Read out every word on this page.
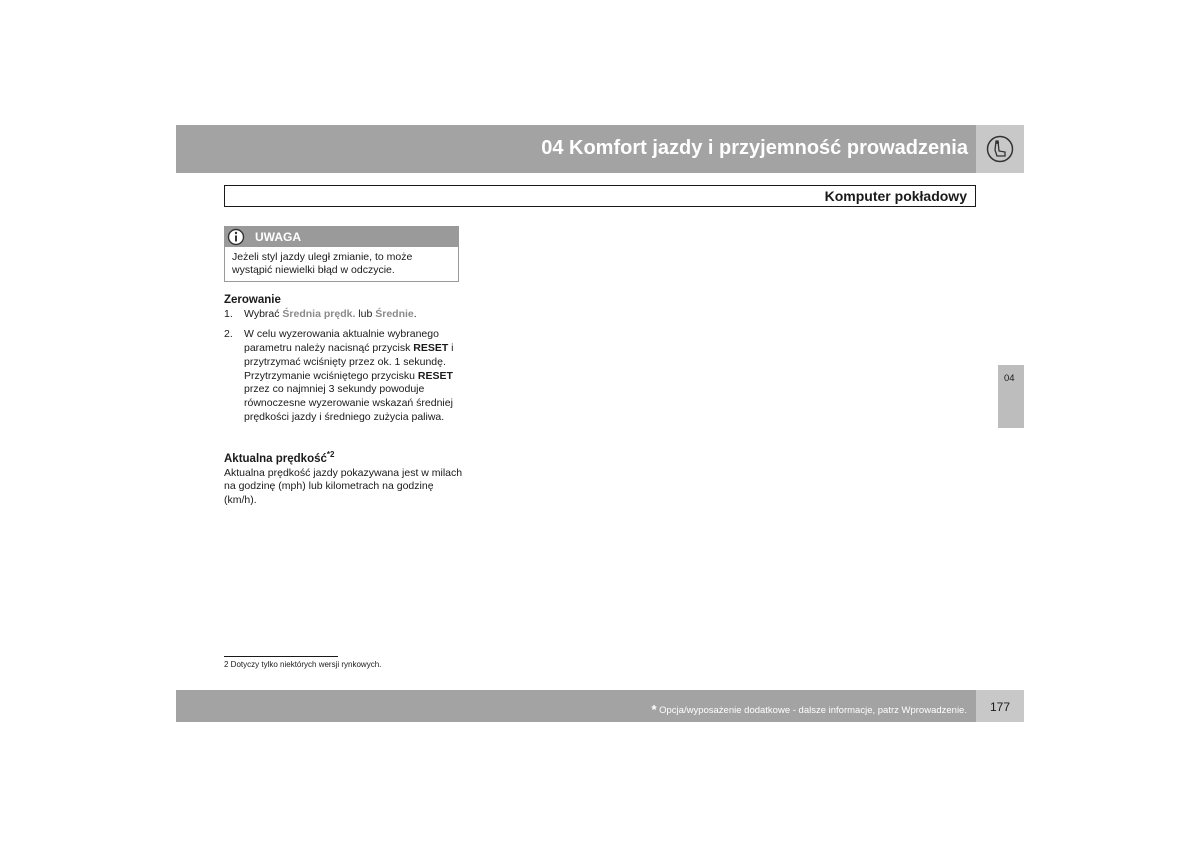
04 Komfort jazdy i przyjemność prowadzenia
Komputer pokładowy
UWAGA
Jeżeli styl jazdy uległ zmianie, to może wystąpić niewielki błąd w odczycie.
Zerowanie
1.	Wybrać Średnia prędk. lub Średnie.
2.	W celu wyzerowania aktualnie wybranego parametru należy nacisnąć przycisk RESET i przytrzymać wciśnięty przez ok. 1 sekundę. Przytrzymanie wciśniętego przycisku RESET przez co najmniej 3 sekundy powoduje równoczesne wyzerowanie wskazań średniej prędkości jazdy i średniego zużycia paliwa.
Aktualna prędkość$^{*2}$
Aktualna prędkość jazdy pokazywana jest w milach na godzinę (mph) lub kilometrach na godzinę (km/h).
2 Dotyczy tylko niektórych wersji rynkowych.
* Opcja/wyposażenie dodatkowe - dalsze informacje, patrz Wprowadzenie. 177
04
